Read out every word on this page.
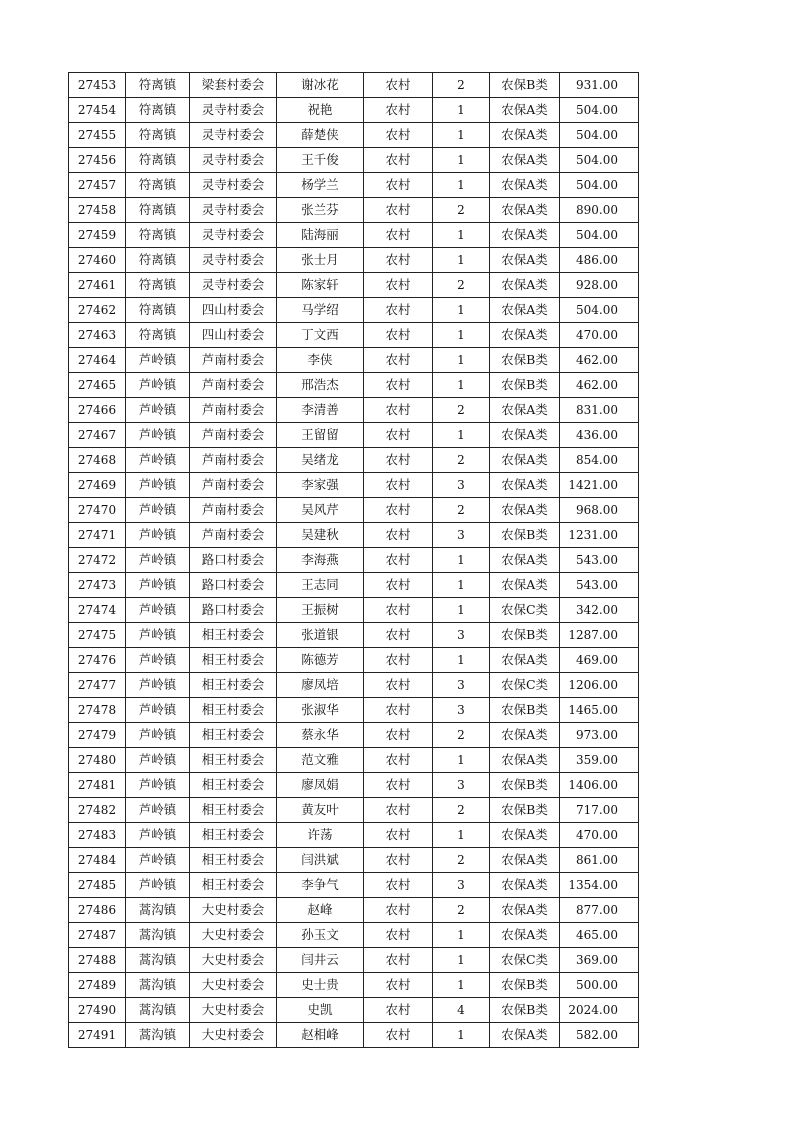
27453	符离镇	梁套村委会	谢冰花	农村	2	农保B类	931.00
27454	符离镇	灵寺村委会	祝艳	农村	1	农保A类	504.00
27455	符离镇	灵寺村委会	薛楚侠	农村	1	农保A类	504.00
27456	符离镇	灵寺村委会	王千俊	农村	1	农保A类	504.00
27457	符离镇	灵寺村委会	杨学兰	农村	1	农保A类	504.00
27458	符离镇	灵寺村委会	张兰芬	农村	2	农保A类	890.00
27459	符离镇	灵寺村委会	陆海丽	农村	1	农保A类	504.00
27460	符离镇	灵寺村委会	张士月	农村	1	农保A类	486.00
27461	符离镇	灵寺村委会	陈家轩	农村	2	农保A类	928.00
27462	符离镇	四山村委会	马学绍	农村	1	农保A类	504.00
27463	符离镇	四山村委会	丁文西	农村	1	农保A类	470.00
27464	芦岭镇	芦南村委会	李侠	农村	1	农保B类	462.00
27465	芦岭镇	芦南村委会	邢浩杰	农村	1	农保B类	462.00
27466	芦岭镇	芦南村委会	李清善	农村	2	农保A类	831.00
27467	芦岭镇	芦南村委会	王留留	农村	1	农保A类	436.00
27468	芦岭镇	芦南村委会	吴绪龙	农村	2	农保A类	854.00
27469	芦岭镇	芦南村委会	李家强	农村	3	农保A类	1421.00
27470	芦岭镇	芦南村委会	吴风芹	农村	2	农保A类	968.00
27471	芦岭镇	芦南村委会	吴建秋	农村	3	农保B类	1231.00
27472	芦岭镇	路口村委会	李海燕	农村	1	农保A类	543.00
27473	芦岭镇	路口村委会	王志同	农村	1	农保A类	543.00
27474	芦岭镇	路口村委会	王振树	农村	1	农保C类	342.00
27475	芦岭镇	相王村委会	张道银	农村	3	农保B类	1287.00
27476	芦岭镇	相王村委会	陈德芳	农村	1	农保A类	469.00
27477	芦岭镇	相王村委会	廖凤培	农村	3	农保C类	1206.00
27478	芦岭镇	相王村委会	张淑华	农村	3	农保B类	1465.00
27479	芦岭镇	相王村委会	蔡永华	农村	2	农保A类	973.00
27480	芦岭镇	相王村委会	范文雅	农村	1	农保A类	359.00
27481	芦岭镇	相王村委会	廖凤娟	农村	3	农保B类	1406.00
27482	芦岭镇	相王村委会	黄友叶	农村	2	农保B类	717.00
27483	芦岭镇	相王村委会	许荡	农村	1	农保A类	470.00
27484	芦岭镇	相王村委会	闫洪斌	农村	2	农保A类	861.00
27485	芦岭镇	相王村委会	李争气	农村	3	农保A类	1354.00
27486	蒿沟镇	大史村委会	赵峰	农村	2	农保A类	877.00
27487	蒿沟镇	大史村委会	孙玉文	农村	1	农保A类	465.00
27488	蒿沟镇	大史村委会	闫井云	农村	1	农保C类	369.00
27489	蒿沟镇	大史村委会	史士贵	农村	1	农保B类	500.00
27490	蒿沟镇	大史村委会	史凯	农村	4	农保B类	2024.00
27491	蒿沟镇	大史村委会	赵相峰	农村	1	农保A类	582.00
